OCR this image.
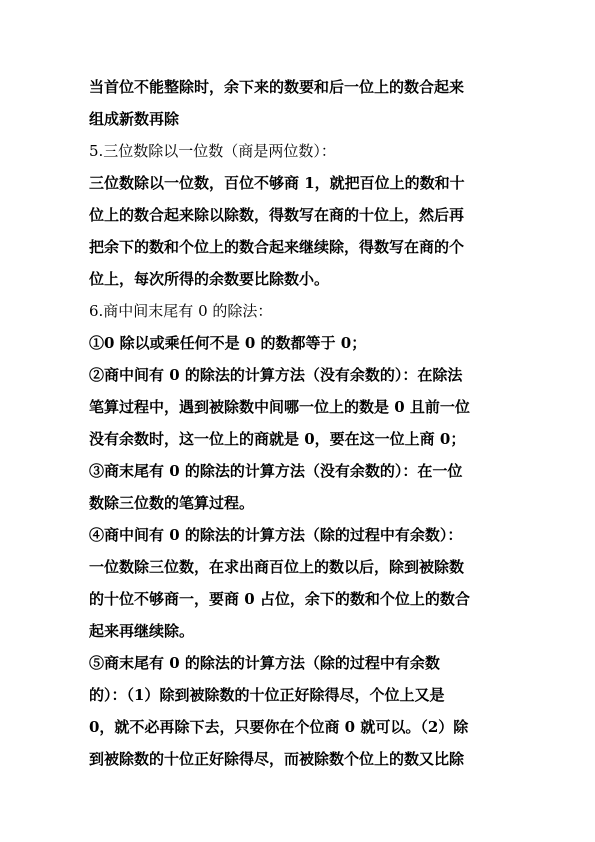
当首位不能整除时，余下来的数要和后一位上的数合起来
组成新数再除
5.三位数除以一位数（商是两位数）：
三位数除以一位数，百位不够商 1，就把百位上的数和十
位上的数合起来除以除数，得数写在商的十位上，然后再
把余下的数和个位上的数合起来继续除，得数写在商的个
位上，每次所得的余数要比除数小。
6.商中间末尾有 0 的除法：
①0 除以或乘任何不是 0 的数都等于 0；
②商中间有 0 的除法的计算方法（没有余数的）：在除法
笔算过程中，遇到被除数中间哪一位上的数是 0 且前一位
没有余数时，这一位上的商就是 0，要在这一位上商 0；
③商末尾有 0 的除法的计算方法（没有余数的）：在一位
数除三位数的笔算过程。
④商中间有 0 的除法的计算方法（除的过程中有余数）：
一位数除三位数，在求出商百位上的数以后，除到被除数
的十位不够商一，要商 0 占位，余下的数和个位上的数合
起来再继续除。
⑤商末尾有 0 的除法的计算方法（除的过程中有余数
的）：（1）除到被除数的十位正好除得尽，个位上又是
0，就不必再除下去，只要你在个位商 0 就可以。（2）除
到被除数的十位正好除得尽，而被除数个位上的数又比除
